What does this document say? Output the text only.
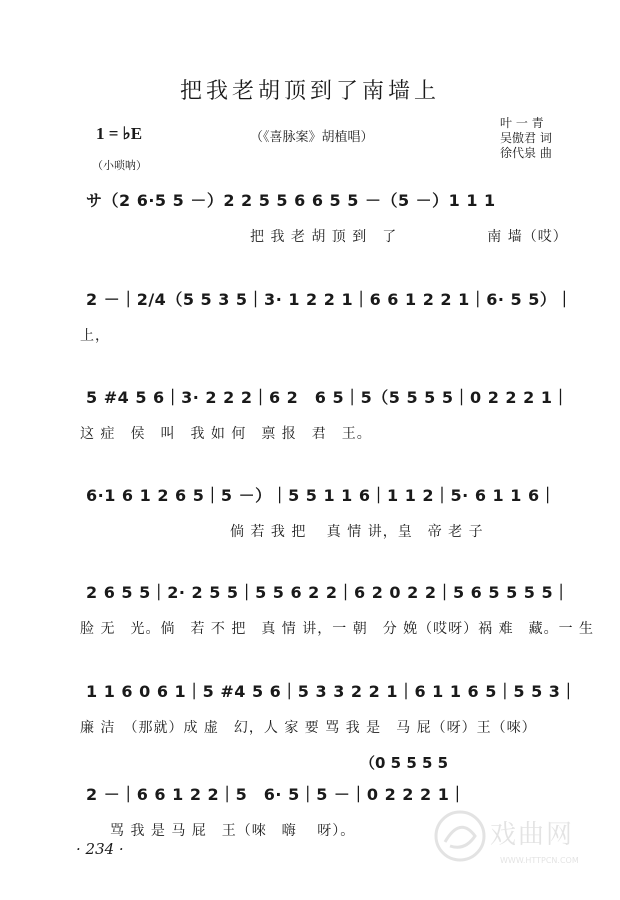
把我老胡顶到了南墙上
1 = ♭E	（《喜脉案》胡植唱）
叶 一 青
吴傲君 词
徐代泉 曲
（小唢呐）
サ（2 6·5 5 －）2 2 5 5 6 6 5 5 －（5 －）1 1 1
把 我 老 胡 顶 到　了　　　　　　南 墙（哎）
2 －｜2/4（5 5 3 5｜3· 1 2 2 1｜6 6 1 2 2 1｜6· 5 5）｜
上，
5 #4 5 6｜3· 2 2 2｜6 2　6 5｜5（5 5 5 5｜0 2 2 2 1｜
这 症　侯　叫　我 如 何　禀 报　君　王。
6·1 6 1 2 6 5｜5 －）｜5 5 1 1 6｜1 1 2｜5· 6 1 1 6｜
　　　　　　　　　　倘 若 我 把　 真 情 讲，皇　帝 老 子
2 6 5 5｜2· 2 5 5｜5 5 6 2 2｜6 2 0 2 2｜5 6 5 5 5 5｜
脸 无　光。倘　若 不 把　真 情 讲，一 朝　分 娩（哎呀）祸 难　藏。一 生
1 1 6 0 6 1｜5 #4 5 6｜5 3 3 2 2 1｜6 1 1 6 5｜5 5 3｜
廉 洁　（那就）成 虚　幻，人 家 要 骂 我 是　马 屁（呀）王（唻）
（0 5 5 5 5
2 －｜6 6 1 2 2｜5　6· 5｜5 －｜0 2 2 2 1｜
　　骂 我 是 马 屁　王（唻　嗨　 呀）。
· 234 ·	戏曲网
WWW.HTTPCN.COM
